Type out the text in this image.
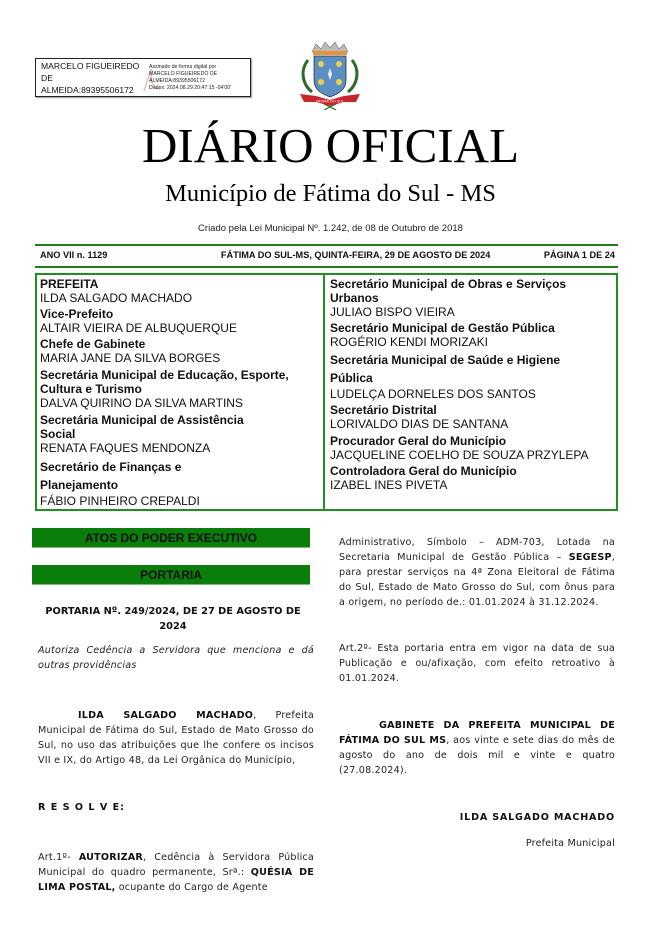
MARCELO FIGUEIREDO DE ALMEIDA:89395506172
Assinado de forma digital por
MARCELO FIGUEIREDO DE
ALMEIDA:89395506172
Dados: 2024.08.29 20:47:15 -04'00'
FÁTIMA DO SUL
DIÁRIO OFICIAL
Município de Fátima do Sul - MS
Criado pela Lei Municipal Nº. 1.242, de 08 de Outubro de 2018
ANO VII n. 1129	FÁTIMA DO SUL-MS, QUINTA-FEIRA, 29 DE AGOSTO DE 2024	PÁGINA 1 DE 24
PREFEITA
ILDA SALGADO MACHADO
Vice-Prefeito
ALTAIR VIEIRA DE ALBUQUERQUE
Chefe de Gabinete
MARIA JANE DA SILVA BORGES
Secretária Municipal de Educação, Esporte, Cultura e Turismo
DALVA QUIRINO DA SILVA MARTINS
Secretária Municipal de Assistência Social
RENATA FAQUES MENDONZA
Secretário de Finanças e Planejamento
FÁBIO PINHEIRO CREPALDI
Secretário Municipal de Obras e Serviços Urbanos
JULIAO BISPO VIEIRA
Secretário Municipal de Gestão Pública
ROGÉRIO KENDI MORIZAKI
Secretária Municipal de Saúde e Higiene Pública
LUDELÇA DORNELES DOS SANTOS
Secretário Distrital
LORIVALDO DIAS DE SANTANA
Procurador Geral do Município
JACQUELINE COELHO DE SOUZA PRZYLEPA
Controladora Geral do Município
IZABEL INES PIVETA
ATOS DO PODER EXECUTIVO
PORTARIA
PORTARIA Nº. 249/2024, DE 27 DE AGOSTO DE 2024
Autoriza Cedência a Servidora que menciona e dá outras providências
ILDA SALGADO MACHADO, Prefeita Municipal de Fátima do Sul, Estado de Mato Grosso do Sul, no uso das atribuições que lhe confere os incisos VII e IX, do Artigo 48, da Lei Orgânica do Município,
R E S O L V E:
Art.1º- AUTORIZAR, Cedência à Servidora Pública Municipal do quadro permanente, Srª.: QUÉSIA DE LIMA POSTAL, ocupante do Cargo de Agente
Administrativo, Símbolo – ADM-703, Lotada na Secretaria Municipal de Gestão Pública – SEGESP, para prestar serviços na 4ª Zona Eleitoral de Fátima do Sul, Estado de Mato Grosso do Sul, com ônus para a origem, no período de.: 01.01.2024 à 31.12.2024.
Art.2º- Esta portaria entra em vigor na data de sua Publicação e ou/afixação, com efeito retroativo à 01.01.2024.
GABINETE DA PREFEITA MUNICIPAL DE FÁTIMA DO SUL MS, aos vinte e sete dias do mês de agosto do ano de dois mil e vinte e quatro (27.08.2024).
ILDA SALGADO MACHADO
Prefeita Municipal
